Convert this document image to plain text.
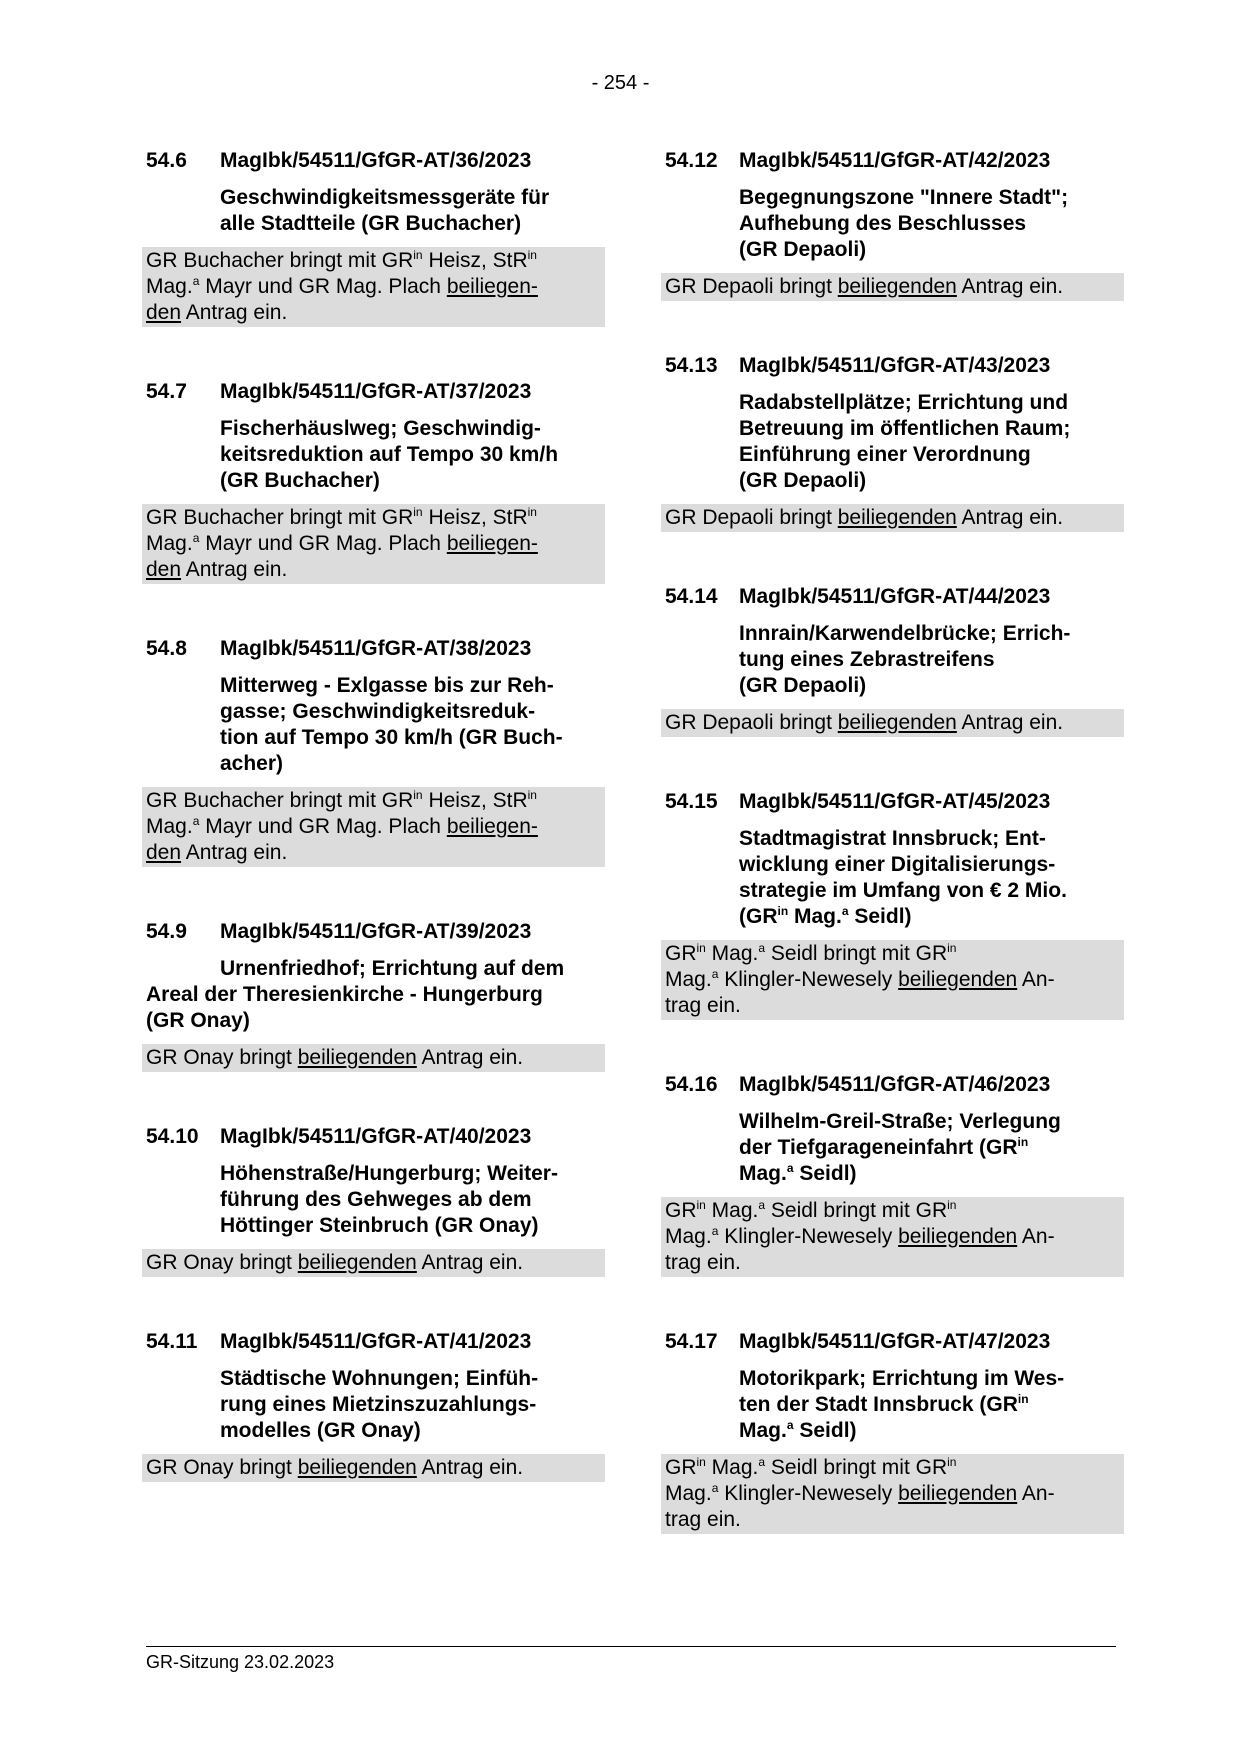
- 254 -
54.6	MagIbk/54511/GfGR-AT/36/2023
Geschwindigkeitsmessgeräte für
alle Stadtteile (GR Buchacher)
GR Buchacher bringt mit $GR^{in}$ Heisz, StR$^{in}$
Mag.$^a$ Mayr und GR Mag. Plach beiliegen-
den Antrag ein.
54.7	MagIbk/54511/GfGR-AT/37/2023
Fischerhäuslweg; Geschwindig-
keitsreduktion auf Tempo 30 km/h
(GR Buchacher)
GR Buchacher bringt mit $GR^{in}$ Heisz, StR$^{in}$
Mag.$^a$ Mayr und GR Mag. Plach beiliegen-
den Antrag ein.
54.8	MagIbk/54511/GfGR-AT/38/2023
Mitterweg - Exlgasse bis zur Reh-
gasse; Geschwindigkeitsreduk-
tion auf Tempo 30 km/h (GR Buch-
acher)
GR Buchacher bringt mit $GR^{in}$ Heisz, StR$^{in}$
Mag.$^a$ Mayr und GR Mag. Plach beiliegen-
den Antrag ein.
54.9	MagIbk/54511/GfGR-AT/39/2023
Urnenfriedhof; Errichtung auf dem
Areal der Theresienkirche - Hungerburg
(GR Onay)
GR Onay bringt beiliegenden Antrag ein.
54.10	MagIbk/54511/GfGR-AT/40/2023
Höhenstraße/Hungerburg; Weiter-
führung des Gehweges ab dem
Höttinger Steinbruch (GR Onay)
GR Onay bringt beiliegenden Antrag ein.
54.11	MagIbk/54511/GfGR-AT/41/2023
Städtische Wohnungen; Einfüh-
rung eines Mietzinszuzahlungs-
modelles (GR Onay)
GR Onay bringt beiliegenden Antrag ein.
54.12	MagIbk/54511/GfGR-AT/42/2023
Begegnungszone "Innere Stadt";
Aufhebung des Beschlusses
(GR Depaoli)
GR Depaoli bringt beiliegenden Antrag ein.
54.13	MagIbk/54511/GfGR-AT/43/2023
Radabstellplätze; Errichtung und
Betreuung im öffentlichen Raum;
Einführung einer Verordnung
(GR Depaoli)
GR Depaoli bringt beiliegenden Antrag ein.
54.14	MagIbk/54511/GfGR-AT/44/2023
Innrain/Karwendelbrücke; Errich-
tung eines Zebrastreifens
(GR Depaoli)
GR Depaoli bringt beiliegenden Antrag ein.
54.15	MagIbk/54511/GfGR-AT/45/2023
Stadtmagistrat Innsbruck; Ent-
wicklung einer Digitalisierungs-
strategie im Umfang von € 2 Mio.
($GR^{in}$ Mag.$^a$ Seidl)
$GR^{in}$ Mag.$^a$ Seidl bringt mit $GR^{in}$
Mag.$^a$ Klingler-Newesely beiliegenden An-
trag ein.
54.16	MagIbk/54511/GfGR-AT/46/2023
Wilhelm-Greil-Straße; Verlegung
der Tiefgarageneinfahrt ($GR^{in}$
Mag.$^a$ Seidl)
$GR^{in}$ Mag.$^a$ Seidl bringt mit $GR^{in}$
Mag.$^a$ Klingler-Newesely beiliegenden An-
trag ein.
54.17	MagIbk/54511/GfGR-AT/47/2023
Motorikpark; Errichtung im Wes-
ten der Stadt Innsbruck ($GR^{in}$
Mag.$^a$ Seidl)
$GR^{in}$ Mag.$^a$ Seidl bringt mit $GR^{in}$
Mag.$^a$ Klingler-Newesely beiliegenden An-
trag ein.
GR-Sitzung 23.02.2023
